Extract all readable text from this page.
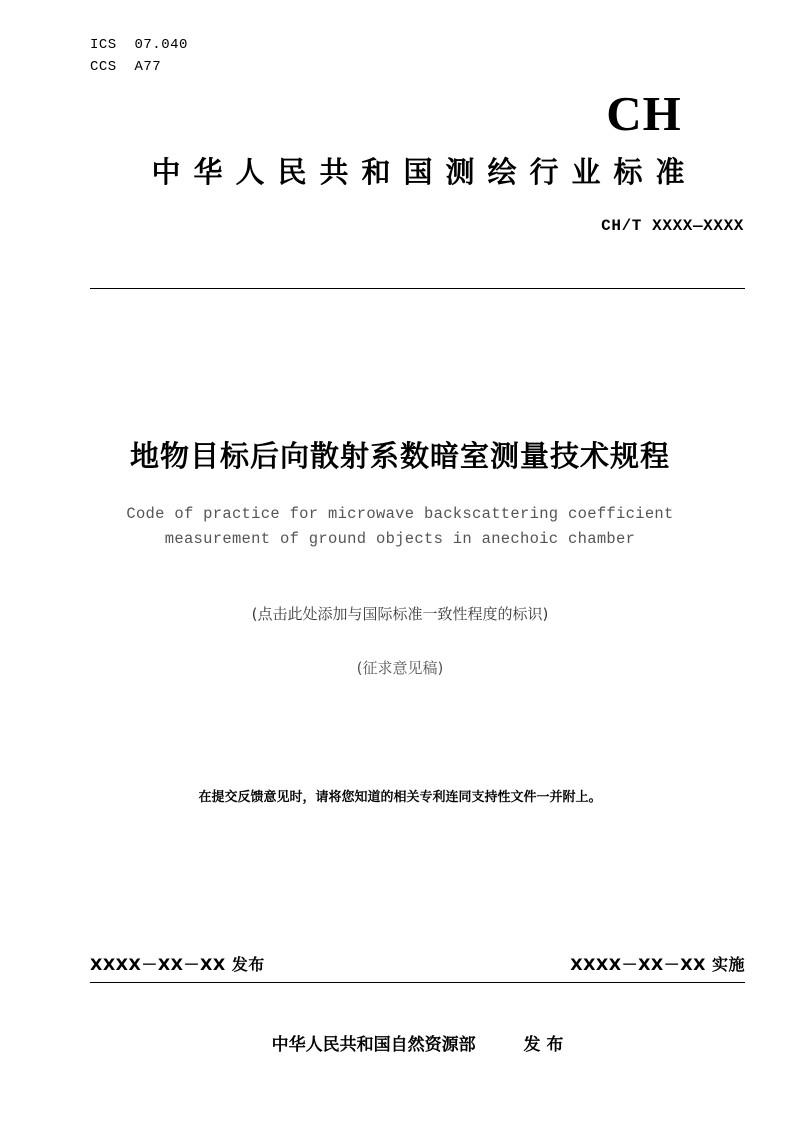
ICS  07.040
CCS  A77
CH
中华人民共和国测绘行业标准
CH/T XXXX—XXXX
地物目标后向散射系数暗室测量技术规程
Code of practice for microwave backscattering coefficient
measurement of ground objects in anechoic chamber
(点击此处添加与国际标准一致性程度的标识)
(征求意见稿)
在提交反馈意见时，请将您知道的相关专利连同支持性文件一并附上。
XXXX－XX－XX 发布	XXXX－XX－XX 实施
中华人民共和国自然资源部	发 布
